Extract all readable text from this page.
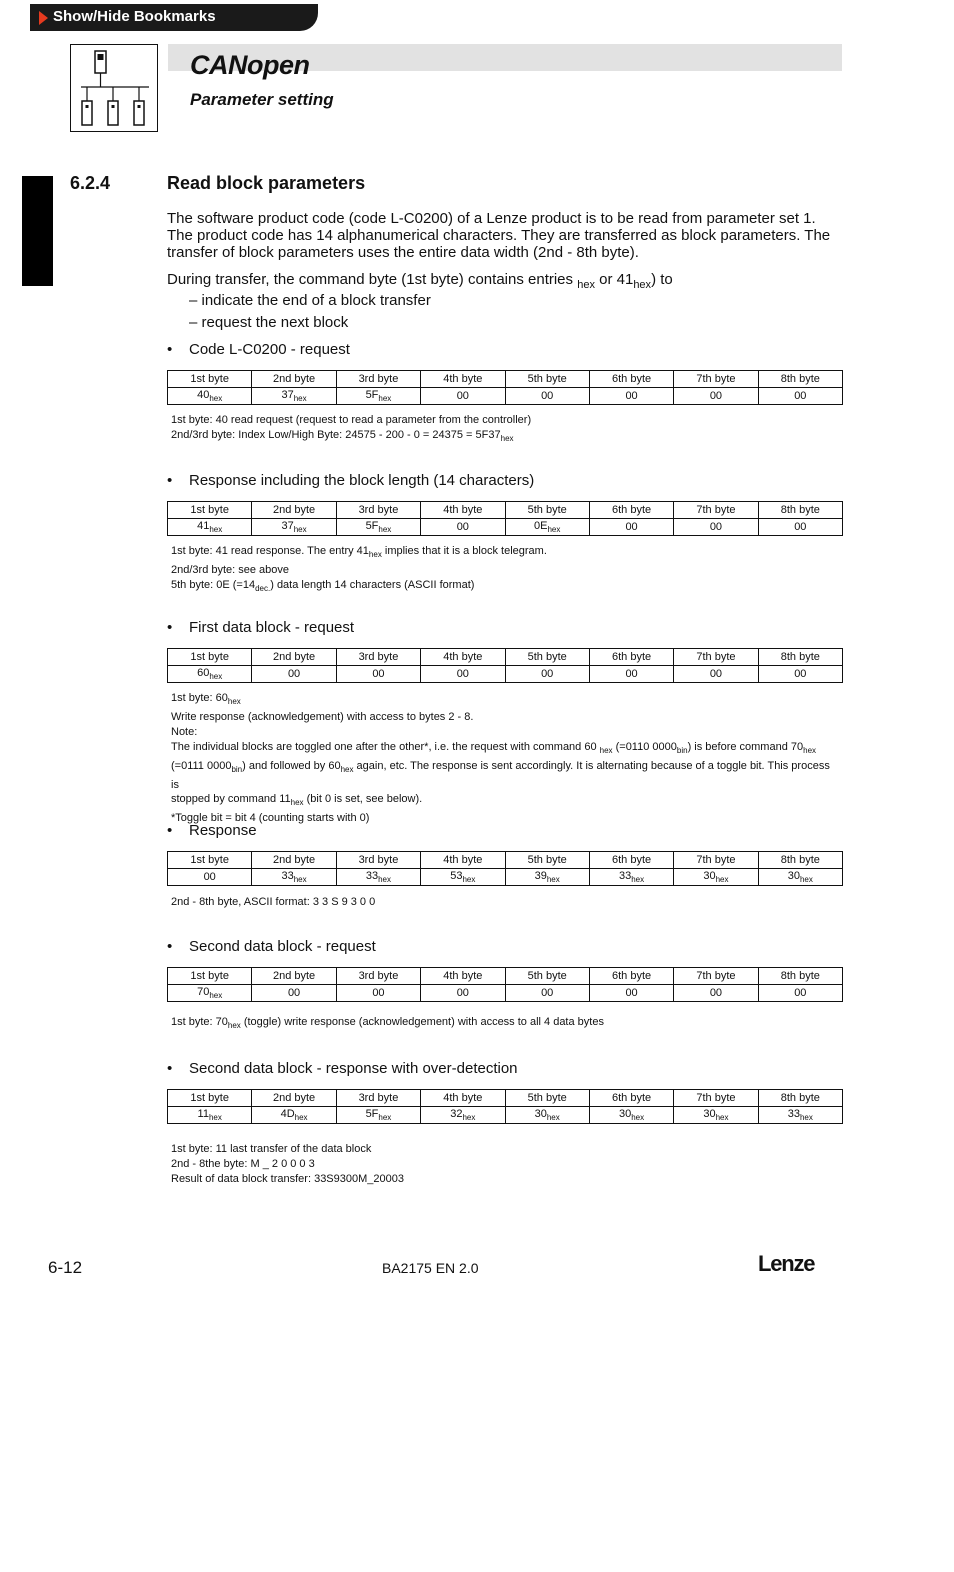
Show/Hide Bookmarks
CANopen
Parameter setting
6.2.4	Read block parameters
The software product code (code L-C0200) of a Lenze product is to be read from parameter set 1. The product code has 14 alphanumerical characters. They are transferred as block parameters. The transfer of block parameters uses the entire data width (2nd - 8th byte).
During transfer, the command byte (1st byte) contains entries $_{hex}$ or $41_{hex}$) to
– indicate the end of a block transfer
– request the next block
• Code L-C0200 - request
1st byte	2nd byte	3rd byte	4th byte	5th byte	6th byte	7th byte	8th byte
$40_{hex}$	$37_{hex}$	$5F_{hex}$	00	00	00	00	00
1st byte: 40 read request (request to read a parameter from the controller)
2nd/3rd byte: Index Low/High Byte: $24575 - 200 - 0 = 24375 = 5F37_{hex}$
• Response including the block length (14 characters)
1st byte	2nd byte	3rd byte	4th byte	5th byte	6th byte	7th byte	8th byte
$41_{hex}$	$37_{hex}$	$5F_{hex}$	00	$0E_{hex}$	00	00	00
1st byte: 41 read response. The entry $41_{hex}$ implies that it is a block telegram.
2nd/3rd byte: see above
5th byte: 0E $(=14_{dec.})$ data length 14 characters (ASCII format)
• First data block - request
1st byte	2nd byte	3rd byte	4th byte	5th byte	6th byte	7th byte	8th byte
$60_{hex}$	00	00	00	00	00	00	00
1st byte: $60_{hex}$
Write response (acknowledgement) with access to bytes 2 - 8.
Note:
The individual blocks are toggled one after the other*, i.e. the request with command 60 $_{hex}$ (=0110 $0000_{bin}$) is before command $70_{hex}$
(=0111 $0000_{bin}$) and followed by $60_{hex}$ again, etc. The response is sent accordingly. It is alternating because of a toggle bit. This process is
stopped by command $11_{hex}$ (bit 0 is set, see below).
*Toggle bit = bit 4 (counting starts with 0)
• Response
1st byte	2nd byte	3rd byte	4th byte	5th byte	6th byte	7th byte	8th byte
00	$33_{hex}$	$33_{hex}$	$53_{hex}$	$39_{hex}$	$33_{hex}$	$30_{hex}$	$30_{hex}$
2nd - 8th byte, ASCII format: 3 3 S 9 3 0 0
• Second data block - request
1st byte	2nd byte	3rd byte	4th byte	5th byte	6th byte	7th byte	8th byte
$70_{hex}$	00	00	00	00	00	00	00
1st byte: $70_{hex}$ (toggle) write response (acknowledgement) with access to all 4 data bytes
• Second data block - response with over-detection
1st byte	2nd byte	3rd byte	4th byte	5th byte	6th byte	7th byte	8th byte
$11_{hex}$	$4D_{hex}$	$5F_{hex}$	$32_{hex}$	$30_{hex}$	$30_{hex}$	$30_{hex}$	$33_{hex}$
1st byte: 11 last transfer of the data block
2nd - 8the byte: M _ 2 0 0 0 3
Result of data block transfer: 33S9300M_20003
6-12	BA2175 EN 2.0	Lenze
